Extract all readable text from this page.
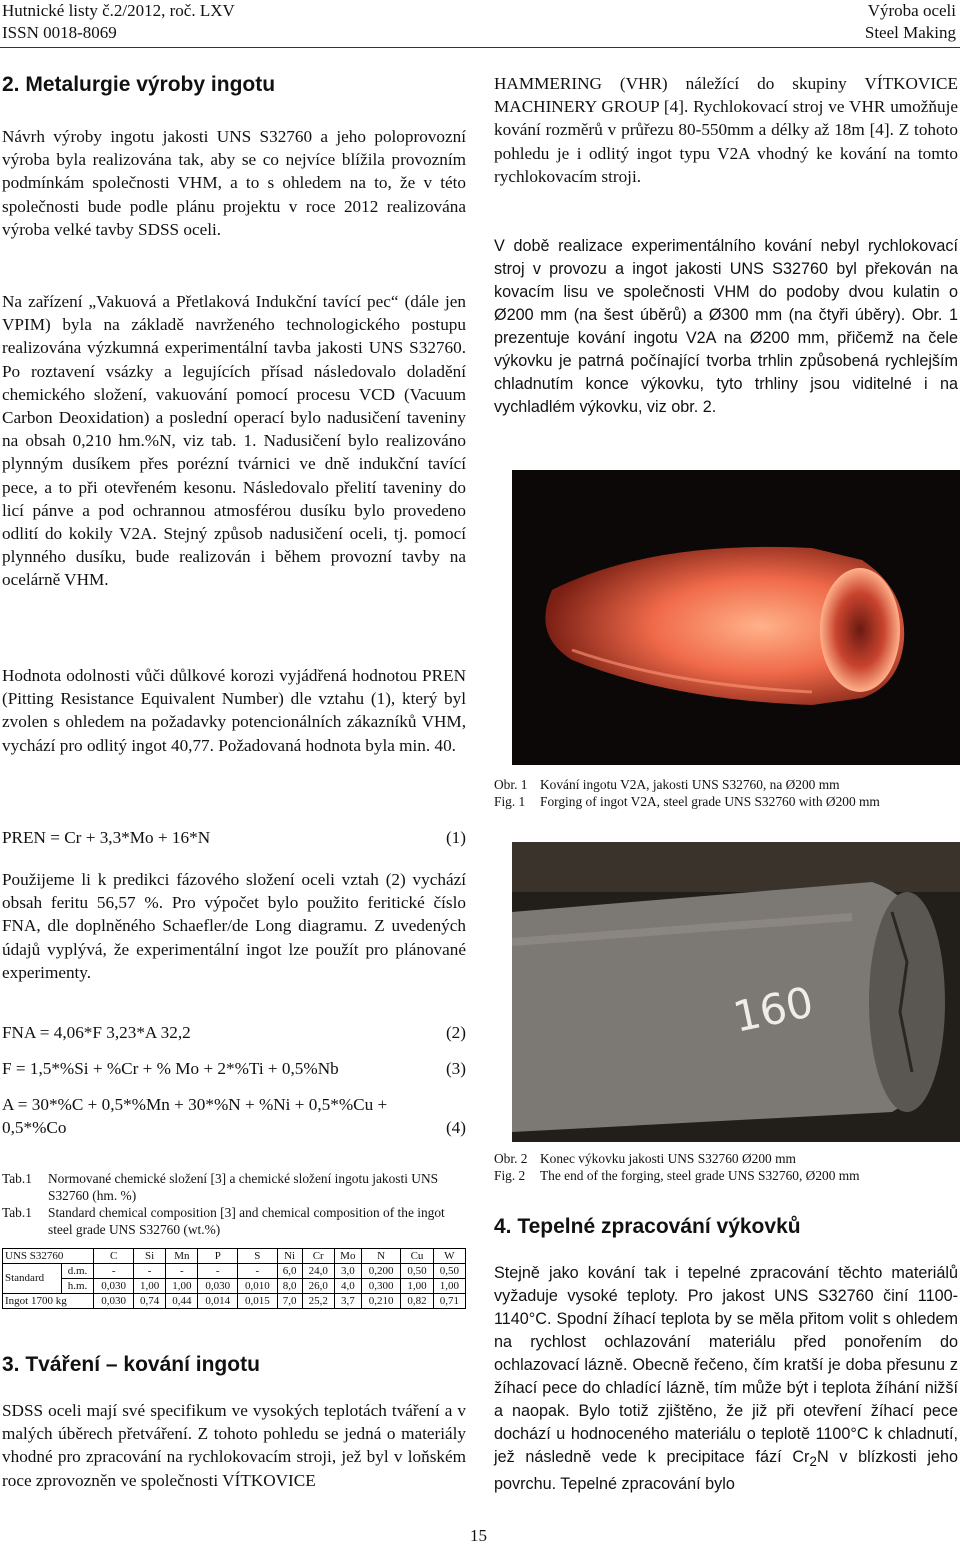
Hutnické listy č.2/2012, roč. LXV
ISSN 0018-8069
Výroba oceli
Steel Making
2. Metalurgie výroby ingotu

Návrh výroby ingotu jakosti UNS S32760 a jeho poloprovozní výroba byla realizována tak, aby se co nejvíce blížila provozním podmínkám společnosti VHM, a to s ohledem na to, že v této společnosti bude podle plánu projektu v roce 2012 realizována výroba velké tavby SDSS oceli.

Na zařízení „Vakuová a Přetlaková Indukční tavící pec“ (dále jen VPIM) byla na základě navrženého technologického postupu realizována výzkumná experimentální tavba jakosti UNS S32760. Po roztavení vsázky a legujících přísad následovalo doladění chemického složení, vakuování pomocí procesu VCD (Vacuum Carbon Deoxidation) a poslední operací bylo nadusičení taveniny na obsah 0,210 hm.%N, viz tab. 1. Nadusičení bylo realizováno plynným dusíkem přes porézní tvárnici ve dně indukční tavící pece, a to při otevřeném kesonu. Následovalo přelití taveniny do licí pánve a pod ochrannou atmosférou dusíku bylo provedeno odlití do kokily V2A. Stejný způsob nadusičení oceli, tj. pomocí plynného dusíku, bude realizován i během provozní tavby na ocelárně VHM.

Hodnota odolnosti vůči důlkové korozi vyjádřená hodnotou PREN (Pitting Resistance Equivalent Number) dle vztahu (1), který byl zvolen s ohledem na požadavky potencionálních zákazníků VHM, vychází pro odlitý ingot 40,77. Požadovaná hodnota byla min. 40.

PREN = Cr + 3,3*Mo + 16*N	(1)

Použijeme li k predikci fázového složení oceli vztah (2) vychází obsah feritu 56,57 %. Pro výpočet bylo použito feritické číslo FNA, dle doplněného Schaefler/de Long diagramu. Z uvedených údajů vyplývá, že experimentální ingot lze použít pro plánované experimenty.

FNA = 4,06*F 3,23*A 32,2	(2)
F = 1,5*%Si + %Cr + % Mo + 2*%Ti + 0,5%Nb	(3)
A = 30*%C + 0,5*%Mn + 30*%N + %Ni + 0,5*%Cu +
0,5*%Co	(4)
Tab.1	Normované chemické složení [3] a chemické složení ingotu jakosti UNS S32760 (hm. %)
Tab.1	Standard chemical composition [3] and chemical composition of the ingot steel grade UNS S32760 (wt.%)
UNS S32760		C	Si	Mn	P	S	Ni	Cr	Mo	N	Cu	W
Standard	d.m.	-	-	-	-	-	6,0	24,0	3,0	0,200	0,50	0,50
	h.m.	0,030	1,00	1,00	0,030	0,010	8,0	26,0	4,0	0,300	1,00	1,00
Ingot 1700 kg		0,030	0,74	0,44	0,014	0,015	7,0	25,2	3,7	0,210	0,82	0,71
3. Tváření – kování ingotu

SDSS oceli mají své specifikum ve vysokých teplotách tváření a v malých úběrech přetváření. Z tohoto pohledu se jedná o materiály vhodné pro zpracování na rychlokovacím stroji, jež byl v loňském roce zprovozněn ve společnosti VÍTKOVICE

HAMMERING (VHR) náležící do skupiny VÍTKOVICE MACHINERY GROUP [4]. Rychlokovací stroj ve VHR umožňuje kování rozměrů v průřezu 80-550mm a délky až 18m [4]. Z tohoto pohledu je i odlitý ingot typu V2A vhodný ke kování na tomto rychlokovacím stroji.

V době realizace experimentálního kování nebyl rychlokovací stroj v provozu a ingot jakosti UNS S32760 byl překován na kovacím lisu ve společnosti VHM do podoby dvou kulatin o Ø200 mm (na šest úběrů) a Ø300 mm (na čtyři úběry). Obr. 1 prezentuje kování ingotu V2A na Ø200 mm, přičemž na čele výkovku je patrná počínající tvorba trhlin způsobená rychlejším chladnutím konce výkovku, tyto trhliny jsou viditelné i na vychladlém výkovku, viz obr. 2.

Obr. 1 Kování ingotu V2A, jakosti UNS S32760, na Ø200 mm
Fig. 1	Forging of ingot V2A, steel grade UNS S32760 with Ø200 mm
160
Obr. 2 Konec výkovku jakosti UNS S32760 Ø200 mm
Fig. 2	The end of the forging, steel grade UNS S32760, Ø200 mm
4. Tepelné zpracování výkovků

Stejně jako kování tak i tepelné zpracování těchto materiálů vyžaduje vysoké teploty. Pro jakost UNS S32760 činí 1100-1140°C. Spodní žíhací teplota by se měla přitom volit s ohledem na rychlost ochlazování materiálu před ponořením do ochlazovací lázně. Obecně řečeno, čím kratší je doba přesunu z žíhací pece do chladící lázně, tím může být i teplota žíhání nižší a naopak. Bylo totiž zjištěno, že již při otevření žíhací pece dochází u hodnoceného materiálu o teplotě 1100°C k chladnutí, jež následně vede k precipitace fází $Cr_2N$ v blízkosti jeho povrchu. Tepelné zpracování bylo

15
